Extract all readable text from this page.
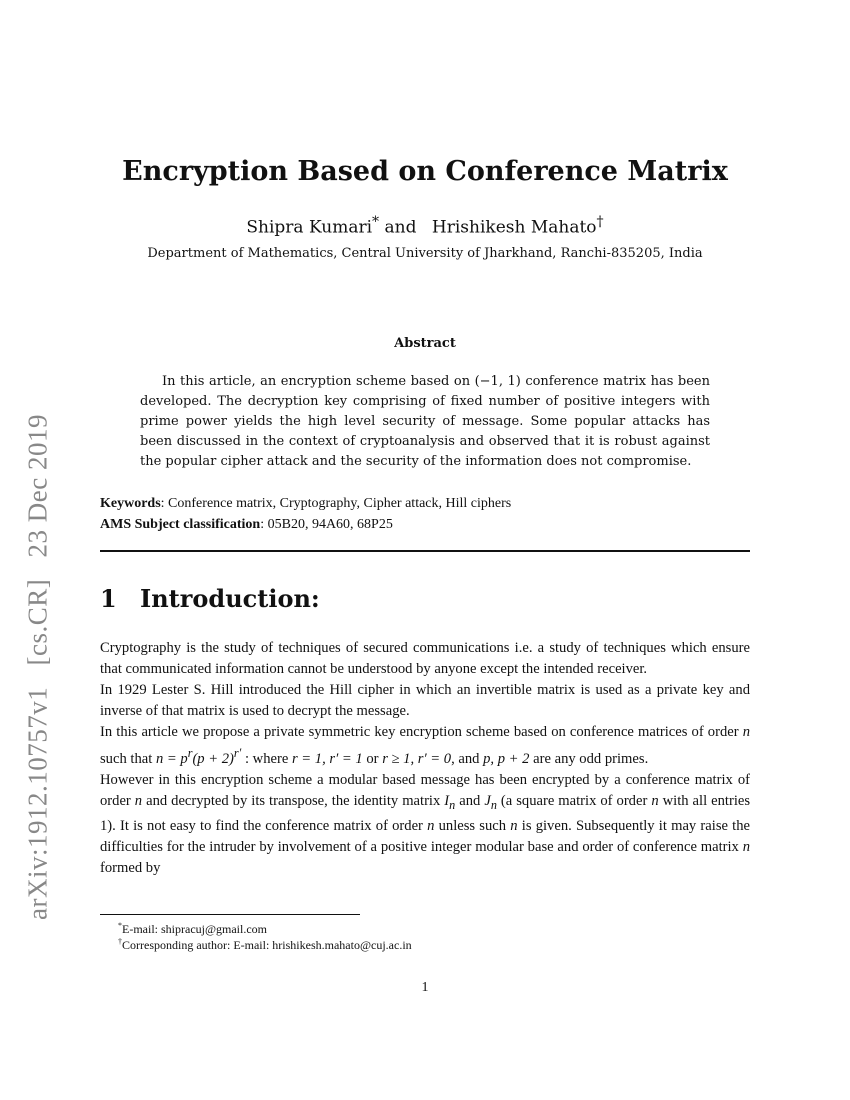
arXiv:1912.10757v1 [cs.CR] 23 Dec 2019
Encryption Based on Conference Matrix
Shipra Kumari* and Hrishikesh Mahato†
Department of Mathematics, Central University of Jharkhand, Ranchi-835205, India
Abstract
In this article, an encryption scheme based on (−1, 1) conference matrix has been developed. The decryption key comprising of fixed number of positive integers with prime power yields the high level security of message. Some popular attacks has been discussed in the context of cryptoanalysis and observed that it is robust against the popular cipher attack and the security of the information does not compromise.
Keywords: Conference matrix, Cryptography, Cipher attack, Hill ciphers
AMS Subject classification: 05B20, 94A60, 68P25
1 Introduction:

Cryptography is the study of techniques of secured communications i.e. a study of techniques which ensure that communicated information cannot be understood by anyone except the intended receiver.

In 1929 Lester S. Hill introduced the Hill cipher in which an invertible matrix is used as a private key and inverse of that matrix is used to decrypt the message.

In this article we propose a private symmetric key encryption scheme based on conference matrices of order n such that $n = p^r(p + 2)^{r'}$ : where r = 1, r′ = 1 or r ≥ 1, r′ = 0, and p, p + 2 are any odd primes.

However in this encryption scheme a modular based message has been encrypted by a conference matrix of order n and decrypted by its transpose, the identity matrix $I_n$ and $J_n$ (a square matrix of order n with all entries 1). It is not easy to find the conference matrix of order n unless such n is given. Subsequently it may raise the difficulties for the intruder by involvement of a positive integer modular base and order of conference matrix n formed by

*E-mail: shipracuj@gmail.com
†Corresponding author: E-mail: hrishikesh.mahato@cuj.ac.in
1
